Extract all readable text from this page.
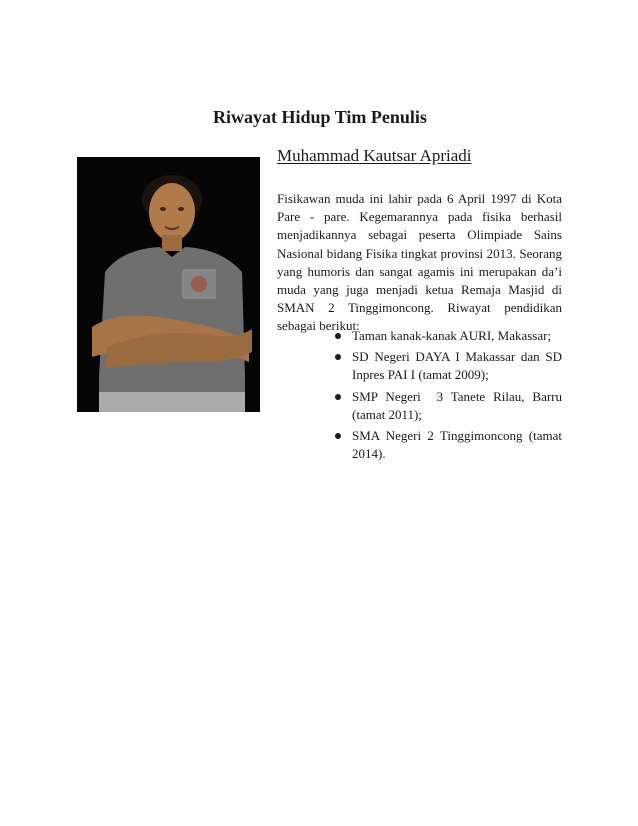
Riwayat Hidup Tim Penulis

Muhammad Kautsar Apriadi

Fisikawan muda ini lahir pada 6 April 1997 di Kota Pare - pare. Kegemarannya pada fisika berhasil menjadikannya sebagai peserta Olimpiade Sains Nasional bidang Fisika tingkat provinsi 2013. Seorang yang humoris dan sangat agamis ini merupakan da’i muda yang juga menjadi ketua Remaja Masjid di SMAN 2 Tinggimoncong. Riwayat pendidikan sebagai berikut:

Taman kanak-kanak AURI, Makassar;
SD Negeri DAYA I Makassar dan SD Inpres PAI I (tamat 2009);
SMP Negeri  3 Tanete Rilau, Barru (tamat 2011);
SMA Negeri 2 Tinggimoncong (tamat 2014).
